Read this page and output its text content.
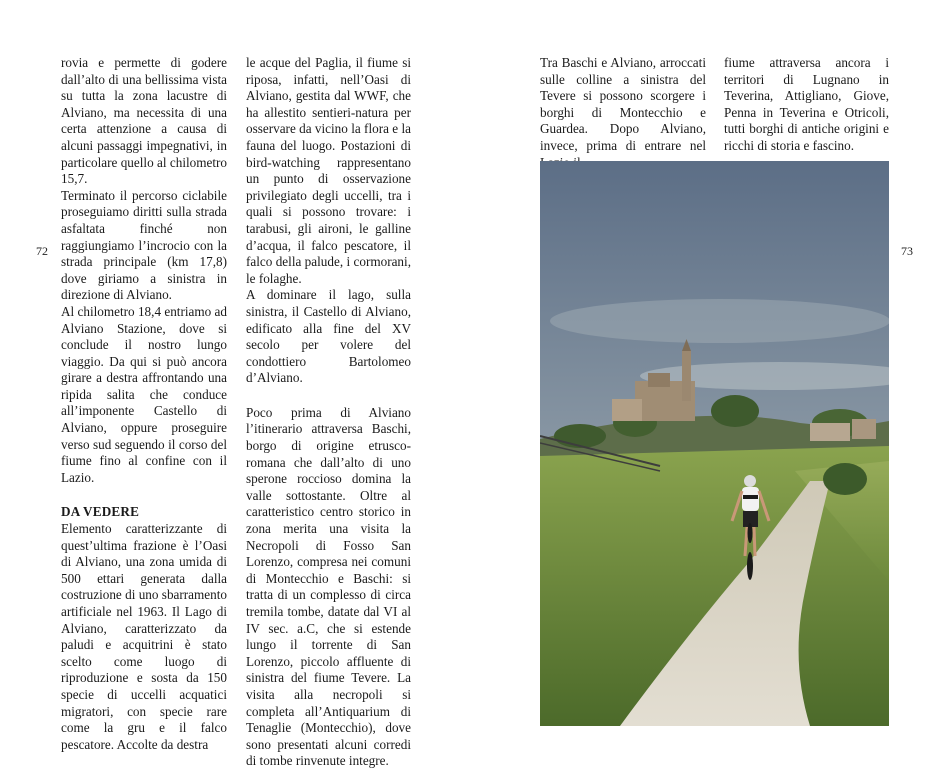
72

rovia e permette di godere dall’alto di una bellissima vista su tutta la zona lacustre di Alviano, ma necessita di una certa attenzione a causa di alcuni passaggi impegnativi, in particolare quello al chilometro 15,7.

Terminato il percorso ciclabile proseguiamo diritti sulla strada asfaltata finché non raggiungiamo l’incrocio con la strada principale (km 17,8) dove giriamo a sinistra in direzione di Alviano.

Al chilometro 18,4 entriamo ad Alviano Stazione, dove si conclude il nostro lungo viaggio. Da qui si può ancora girare a destra affrontando una ripida salita che conduce all’imponente Castello di Alviano, oppure proseguire verso sud seguendo il corso del fiume fino al confine con il Lazio.

DA VEDERE

Elemento caratterizzante di quest’ultima frazione è l’Oasi di Alviano, una zona umida di 500 ettari generata dalla costruzione di uno sbarramento artificiale nel 1963. Il Lago di Alviano, caratterizzato da paludi e acquitrini è stato scelto come luogo di riproduzione e sosta da 150 specie di uccelli acquatici migratori, con specie rare come la gru e il falco pescatore. Accolte da destra

le acque del Paglia, il fiume si riposa, infatti, nell’Oasi di Alviano, gestita dal WWF, che ha allestito sentieri-natura per osservare da vicino la flora e la fauna del luogo. Postazioni di bird-watching rappresentano un punto di osservazione privilegiato degli uccelli, tra i quali si possono trovare: i tarabusi, gli aironi, le galline d’acqua, il falco pescatore, il falco della palude, i cormorani, le folaghe.

A dominare il lago, sulla sinistra, il Castello di Alviano, edificato alla fine del XV secolo per volere del condottiero Bartolomeo d’Alviano.

Poco prima di Alviano l’itinerario attraversa Baschi, borgo di origine etrusco-romana che dall’alto di uno sperone roccioso domina la valle sottostante. Oltre al caratteristico centro storico in zona merita una visita la Necropoli di Fosso San Lorenzo, compresa nei comuni di Montecchio e Baschi: si tratta di un complesso di circa tremila tombe, datate dal VI al IV sec. a.C, che si estende lungo il torrente di San Lorenzo, piccolo affluente di sinistra del fiume Tevere. La visita alla necropoli si completa all’Antiquarium di Tenaglie (Montecchio), dove sono presentati alcuni corredi di tombe rinvenute integre.

Tra Baschi e Alviano, arroccati sulle colline a sinistra del Tevere si possono scorgere i borghi di Montecchio e Guardea. Dopo Alviano, invece, prima di entrare nel

fiume attraversa ancora i territori di Lugnano in Teverina, Attigliano, Giove, Penna in Teverina e Otricoli, tutti borghi di antiche origini e ricchi di storia e fascino.

73
